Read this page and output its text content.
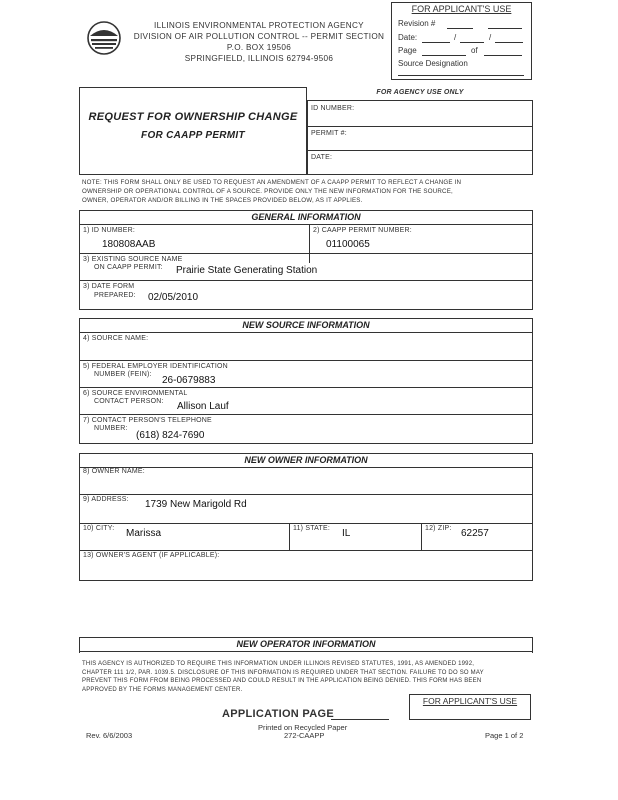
ILLINOIS ENVIRONMENTAL PROTECTION AGENCY
DIVISION OF AIR POLLUTION CONTROL -- PERMIT SECTION
P.O. BOX 19506
SPRINGFIELD, ILLINOIS 62794-9506
FOR APPLICANT'S USE
Revision #
Date:	/	/
Page	of
Source Designation
REQUEST FOR OWNERSHIP CHANGE
FOR CAAPP PERMIT
FOR AGENCY USE ONLY
ID NUMBER:
PERMIT #:
DATE:
NOTE: THIS FORM SHALL ONLY BE USED TO REQUEST AN AMENDMENT OF A CAAPP PERMIT TO REFLECT A CHANGE IN
OWNERSHIP OR OPERATIONAL CONTROL OF A SOURCE. PROVIDE ONLY THE NEW INFORMATION FOR THE SOURCE,
OWNER, OPERATOR AND/OR BILLING IN THE SPACES PROVIDED BELOW, AS IT APPLIES.
GENERAL INFORMATION
1) ID NUMBER:
180808AAB
2) CAAPP PERMIT NUMBER:
01100065
3) EXISTING SOURCE NAME
ON CAAPP PERMIT: Prairie State Generating Station
3) DATE FORM
PREPARED: 02/05/2010
NEW SOURCE INFORMATION
4) SOURCE NAME:
5) FEDERAL EMPLOYER IDENTIFICATION
NUMBER (FEIN):
26-0679883
6) SOURCE ENVIRONMENTAL
CONTACT PERSON: Allison Lauf
7) CONTACT PERSON'S TELEPHONE
NUMBER:
(618) 824-7690
NEW OWNER INFORMATION
8) OWNER NAME:
9) ADDRESS: 1739 New Marigold Rd
10) CITY: Marissa	11) STATE: IL	12) ZIP: 62257
13) OWNER'S AGENT (IF APPLICABLE):
NEW OPERATOR INFORMATION
THIS AGENCY IS AUTHORIZED TO REQUIRE THIS INFORMATION UNDER ILLINOIS REVISED STATUTES, 1991, AS AMENDED 1992,
CHAPTER 111 1/2, PAR. 1039.5. DISCLOSURE OF THIS INFORMATION IS REQUIRED UNDER THAT SECTION. FAILURE TO DO SO MAY
PREVENT THIS FORM FROM BEING PROCESSED AND COULD RESULT IN THE APPLICATION BEING DENIED. THIS FORM HAS BEEN
APPROVED BY THE FORMS MANAGEMENT CENTER.
FOR APPLICANT'S USE
APPLICATION PAGE
Rev. 6/6/2003
Printed on Recycled Paper
272-CAAPP	Page 1 of 2
